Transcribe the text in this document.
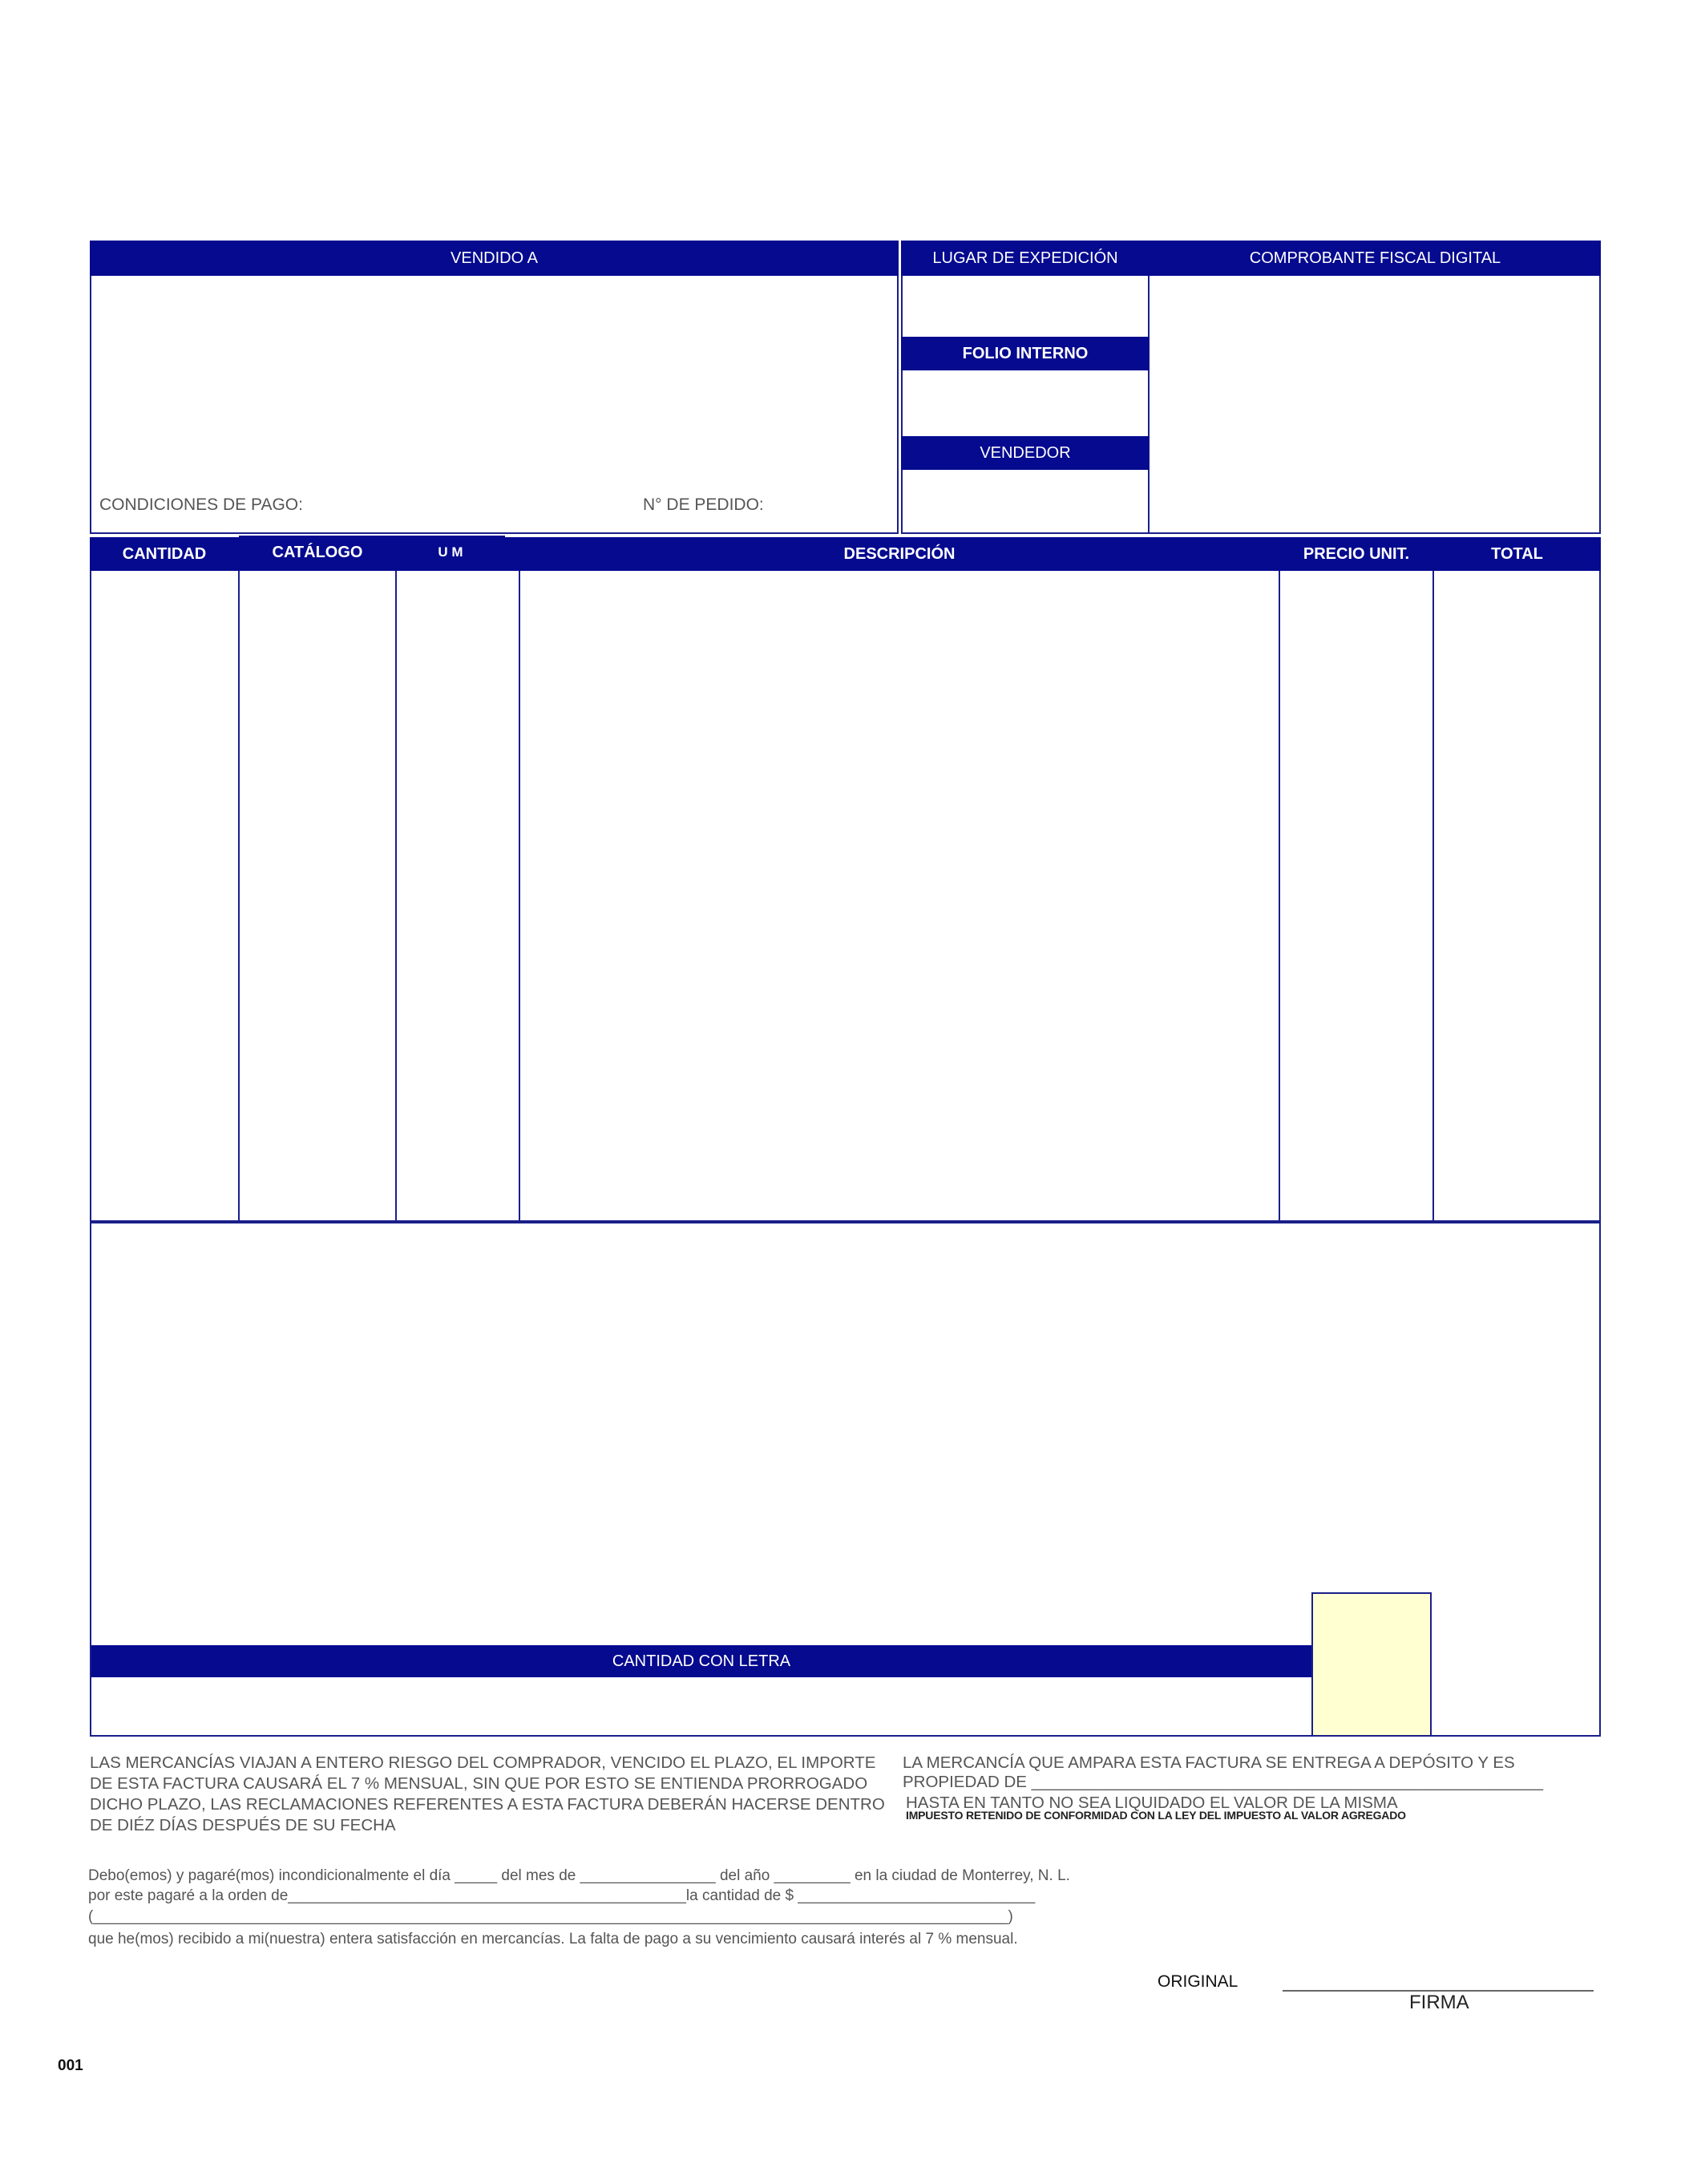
VENDIDO A
CONDICIONES DE PAGO:	N° DE PEDIDO:
LUGAR DE EXPEDICIÓN	COMPROBANTE FISCAL DIGITAL
FOLIO INTERNO
VENDEDOR
CANTIDAD	CATÁLOGO	U M	DESCRIPCIÓN	PRECIO UNIT.	TOTAL
CANTIDAD CON LETRA
LAS MERCANCÍAS VIAJAN A ENTERO RIESGO DEL COMPRADOR, VENCIDO EL PLAZO, EL IMPORTE
DE ESTA FACTURA CAUSARÁ EL 7 % MENSUAL, SIN QUE POR ESTO SE ENTIENDA PRORROGADO
DICHO PLAZO, LAS RECLAMACIONES REFERENTES A ESTA FACTURA DEBERÁN HACERSE DENTRO
DE DIÉZ DÍAS DESPUÉS DE SU FECHA
LA MERCANCÍA QUE AMPARA ESTA FACTURA SE ENTREGA A DEPÓSITO Y ES
PROPIEDAD DE ________________________________________________________
HASTA EN TANTO NO SEA LIQUIDADO EL VALOR DE LA MISMA
IMPUESTO RETENIDO DE CONFORMIDAD CON LA LEY DEL IMPUESTO AL VALOR AGREGADO
Debo(emos) y pagaré(mos) incondicionalmente el día _____ del mes de ________________ del año _________ en la ciudad de Monterrey, N. L.
por este pagaré a la orden de_______________________________________________la cantidad de $ ____________________________
(____________________________________________________________________________________________________________)
que he(mos) recibido a mi(nuestra) entera satisfacción en mercancías. La falta de pago a su vencimiento causará interés al 7 % mensual.
ORIGINAL
FIRMA
001
